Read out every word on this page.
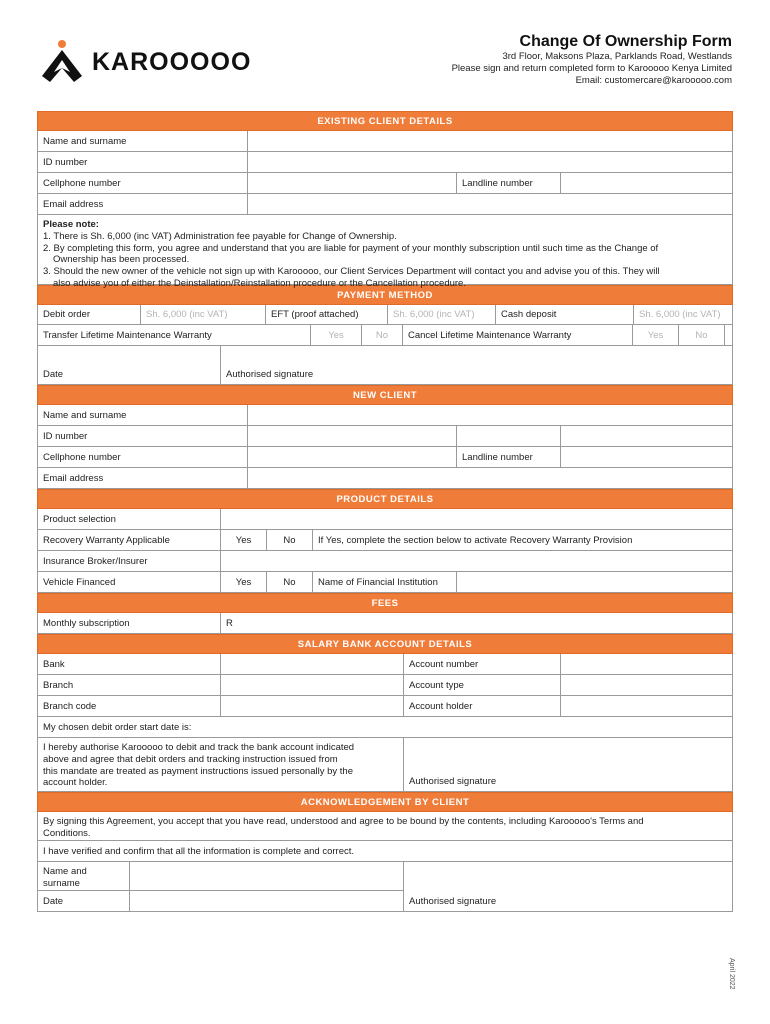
KAROOOOO
Change Of Ownership Form
3rd Floor, Maksons Plaza, Parklands Road, Westlands
Please sign and return completed form to Karooooo Kenya Limited
Email: customercare@karooooo.com
EXISTING CLIENT DETAILS
Name and surname
ID number
Cellphone number	Landline number
Email address
Please note:
1. There is Sh. 6,000 (inc VAT) Administration fee payable for Change of Ownership.
2. By completing this form, you agree and understand that you are liable for payment of your monthly subscription until such time as the Change of
Ownership has been processed.
3. Should the new owner of the vehicle not sign up with Karooooo, our Client Services Department will contact you and advise you of this. They will
also advise you of either the Deinstallation/Reinstallation procedure or the Cancellation procedure.
PAYMENT METHOD
Debit order	Sh. 6,000 (inc VAT)	EFT (proof attached)	Sh. 6,000 (inc VAT)	Cash deposit	Sh. 6,000 (inc VAT)
Transfer Lifetime Maintenance Warranty	Yes	No	Cancel Lifetime Maintenance Warranty	Yes	No
Date	Authorised signature
NEW CLIENT
Name and surname
ID number
Cellphone number	Landline number
Email address
PRODUCT DETAILS
Product selection
Recovery Warranty Applicable	Yes	No	If Yes, complete the section below to activate Recovery Warranty Provision
Insurance Broker/Insurer
Vehicle Financed	Yes	No	Name of Financial Institution
FEES
Monthly subscription	R
SALARY BANK ACCOUNT DETAILS
Bank	Account number
Branch	Account type
Branch code	Account holder
My chosen debit order start date is:
I hereby authorise Karooooo to debit and track the bank account indicated
above and agree that debit orders and tracking instruction issued from
this mandate are treated as payment instructions issued personally by the
account holder.	Authorised signature
ACKNOWLEDGEMENT BY CLIENT
By signing this Agreement, you accept that you have read, understood and agree to be bound by the contents, including Karooooo's Terms and
Conditions.
I have verified and confirm that all the information is complete and correct.
Name and
surname
Date	Authorised signature
April 2022
